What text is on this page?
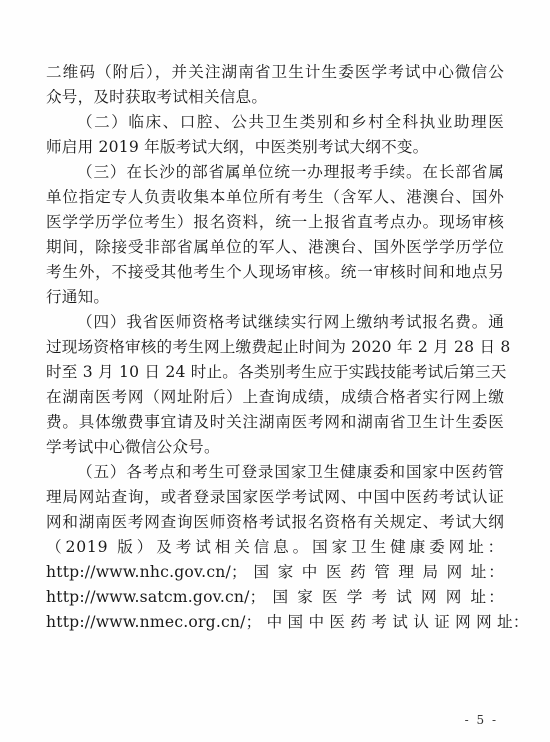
二维码（附后），并关注湖南省卫生计生委医学考试中心微信公
众号，及时获取考试相关信息。
（二）临床、口腔、公共卫生类别和乡村全科执业助理医
师启用 2019 年版考试大纲，中医类别考试大纲不变。
（三）在长沙的部省属单位统一办理报考手续。在长部省属
单位指定专人负责收集本单位所有考生（含军人、港澳台、国外
医学学历学位考生）报名资料，统一上报省直考点办。现场审核
期间，除接受非部省属单位的军人、港澳台、国外医学学历学位
考生外，不接受其他考生个人现场审核。统一审核时间和地点另
行通知。
（四）我省医师资格考试继续实行网上缴纳考试报名费。通
过现场资格审核的考生网上缴费起止时间为 2020 年 2 月 28 日 8
时至 3 月 10 日 24 时止。各类别考生应于实践技能考试后第三天
在湖南医考网（网址附后）上查询成绩，成绩合格者实行网上缴
费。具体缴费事宜请及时关注湖南医考网和湖南省卫生计生委医
学考试中心微信公众号。
（五）各考点和考生可登录国家卫生健康委和国家中医药管
理局网站查询，或者登录国家医学考试网、中国中医药考试认证
网和湖南医考网查询医师资格考试报名资格有关规定、考试大纲
（2019 版）及考试相关信息。国家卫生健康委网址：
http://www.nhc.gov.cn/； 国 家 中 医 药 管 理 局 网 址：
http://www.satcm.gov.cn/； 国 家 医 学 考 试 网 网 址：
http://www.nmec.org.cn/； 中 国 中 医 药 考 试 认 证 网 网 址：
- 5 -
